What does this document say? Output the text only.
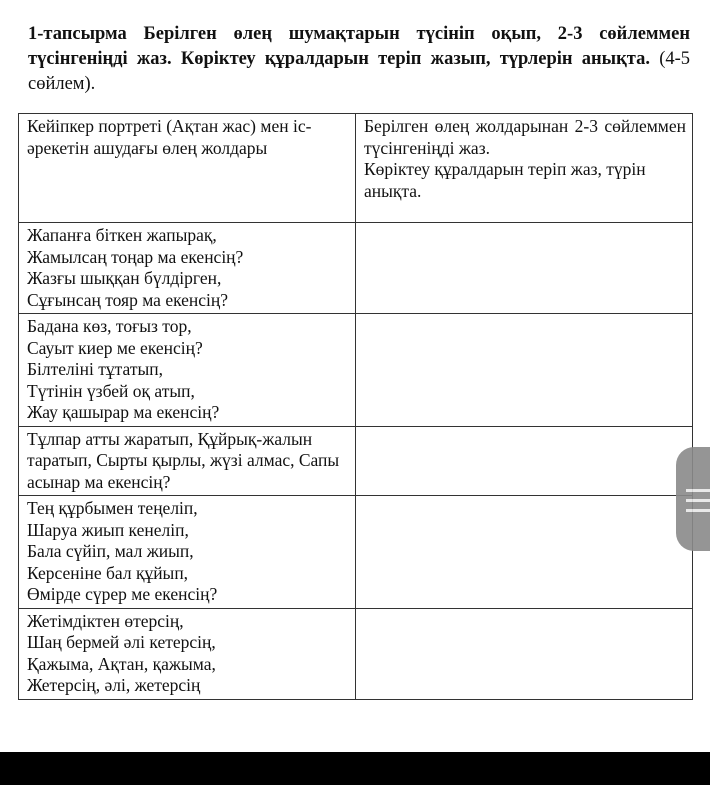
1-тапсырма Берілген өлең шумақтарын түсініп оқып, 2-3 сөйлеммен түсінгеніңді жаз. Көріктеу құралдарын теріп жазып, түрлерін анықта. (4-5 сөйлем).
Кейіпкер портреті (Ақтан жас) мен іс-әрекетін ашудағы өлең жолдары	Берілген өлең жолдарынан 2-3 сөйлеммен түсінгеніңді жаз.
Көріктеу құралдарын теріп жаз, түрін анықта.

Жапанға біткен жапырақ,
Жамылсаң тоңар ма екенсің?
Жазғы шыққан бүлдірген,
Сұғынсаң тояр ма екенсің?	

Бадана көз, тоғыз тор,
Сауыт киер ме екенсің?
Білтеліні тұтатып,
Түтінін үзбей оқ атып,
Жау қашырар ма екенсің?	

Тұлпар атты жаратып, Құйрық-жалын таратып, Сырты қырлы, жүзі алмас, Сапы асынар ма екенсің?	

Тең құрбымен теңеліп,
Шаруа жиып кенеліп,
Бала сүйіп, мал жиып,
Керсеніне бал құйып,
Өмірде сүрер ме екенсің?	

Жетімдіктен өтерсің,
Шаң бермей әлі кетерсің,
Қажыма, Ақтан, қажыма,
Жетерсің, әлі, жетерсің	
